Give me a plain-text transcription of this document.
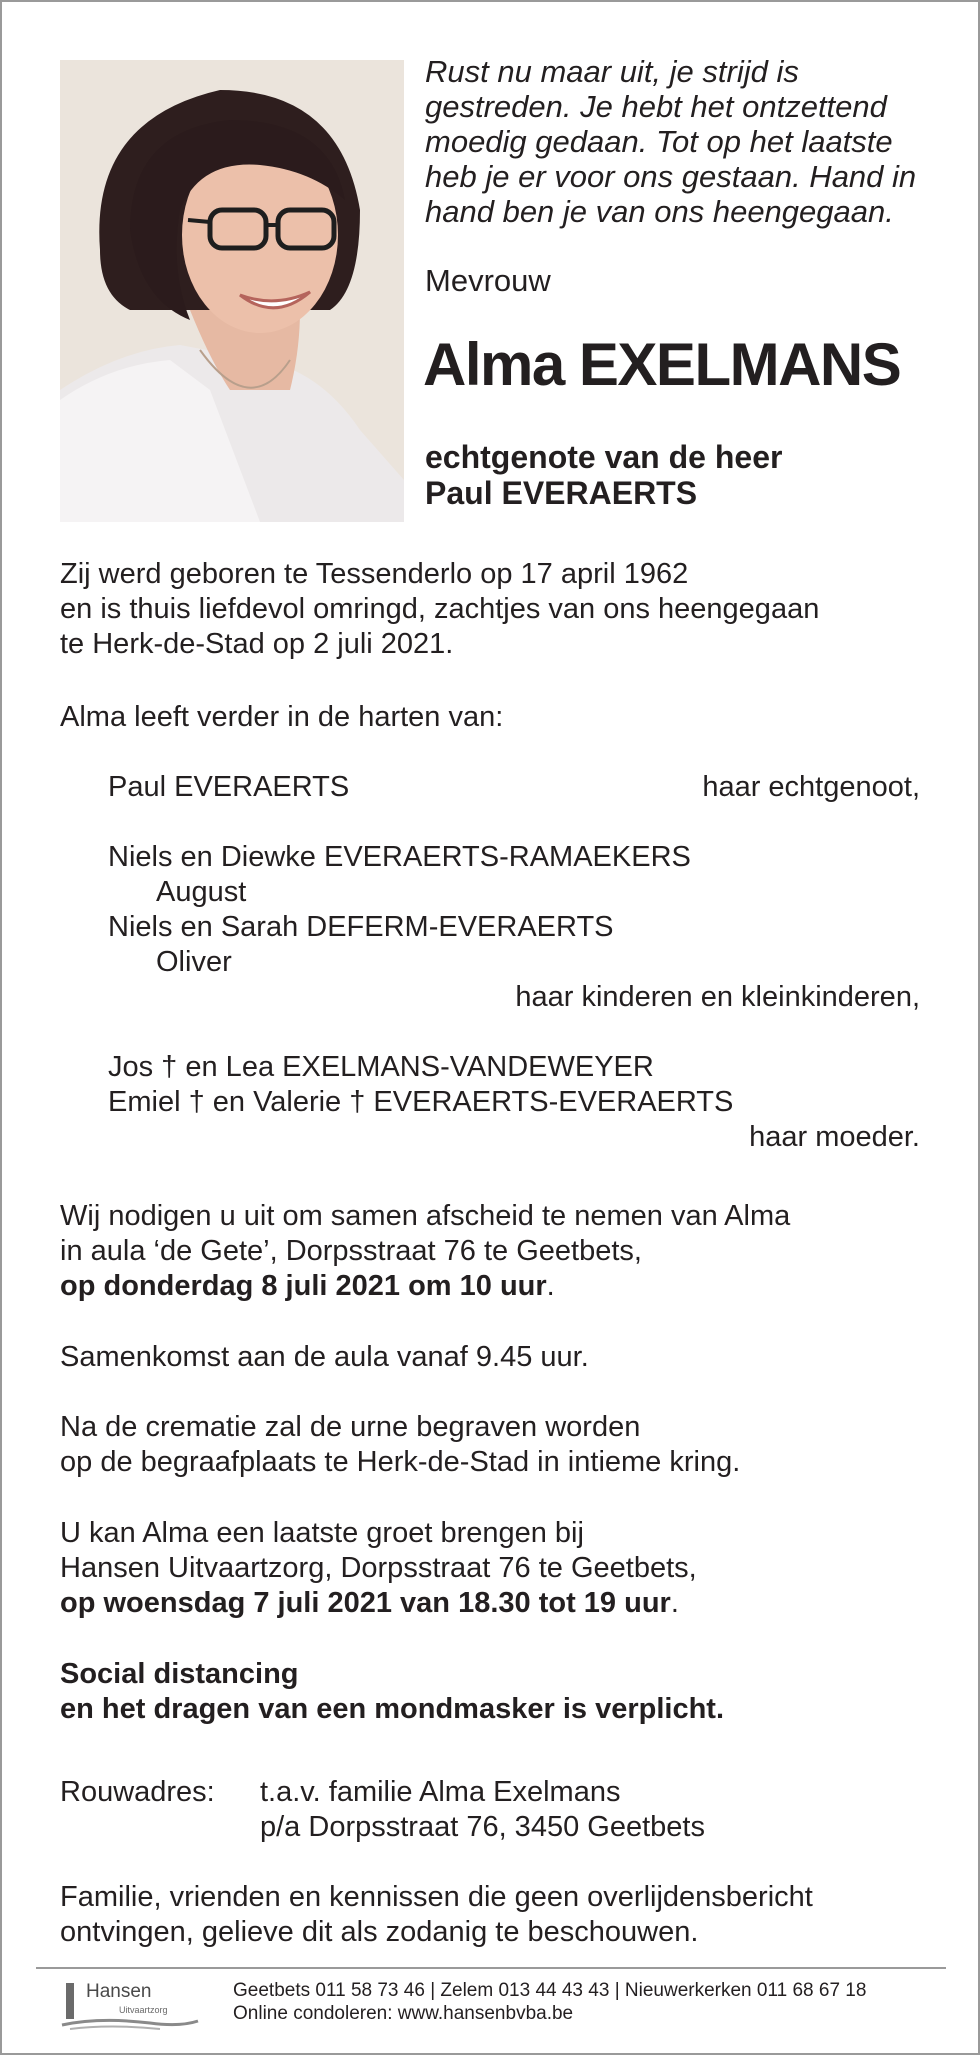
Rust nu maar uit, je strijd is
gestreden. Je hebt het ontzettend
moedig gedaan. Tot op het laatste
heb je er voor ons gestaan. Hand in
hand ben je van ons heengegaan.
Mevrouw
Alma EXELMANS
echtgenote van de heer
Paul EVERAERTS
Zij werd geboren te Tessenderlo op 17 april 1962
en is thuis liefdevol omringd, zachtjes van ons heengegaan
te Herk-de-Stad op 2 juli 2021.
Alma leeft verder in de harten van:
Paul EVERAERTS	haar echtgenoot,
Niels en Diewke EVERAERTS-RAMAEKERS
August
Niels en Sarah DEFERM-EVERAERTS
Oliver
haar kinderen en kleinkinderen,
Jos † en Lea EXELMANS-VANDEWEYER
Emiel † en Valerie † EVERAERTS-EVERAERTS
haar moeder.
Wij nodigen u uit om samen afscheid te nemen van Alma
in aula ‘de Gete’, Dorpsstraat 76 te Geetbets,
op donderdag 8 juli 2021 om 10 uur.
Samenkomst aan de aula vanaf 9.45 uur.
Na de crematie zal de urne begraven worden
op de begraafplaats te Herk-de-Stad in intieme kring.
U kan Alma een laatste groet brengen bij
Hansen Uitvaartzorg, Dorpsstraat 76 te Geetbets,
op woensdag 7 juli 2021 van 18.30 tot 19 uur.
Social distancing
en het dragen van een mondmasker is verplicht.
Rouwadres: t.a.v. familie Alma Exelmans
p/a Dorpsstraat 76, 3450 Geetbets
Familie, vrienden en kennissen die geen overlijdensbericht
ontvingen, gelieve dit als zodanig te beschouwen.
Hansen
Uitvaartzorg
Geetbets 011 58 73 46 | Zelem 013 44 43 43 | Nieuwerkerken 011 68 67 18
Online condoleren: www.hansenbvba.be
